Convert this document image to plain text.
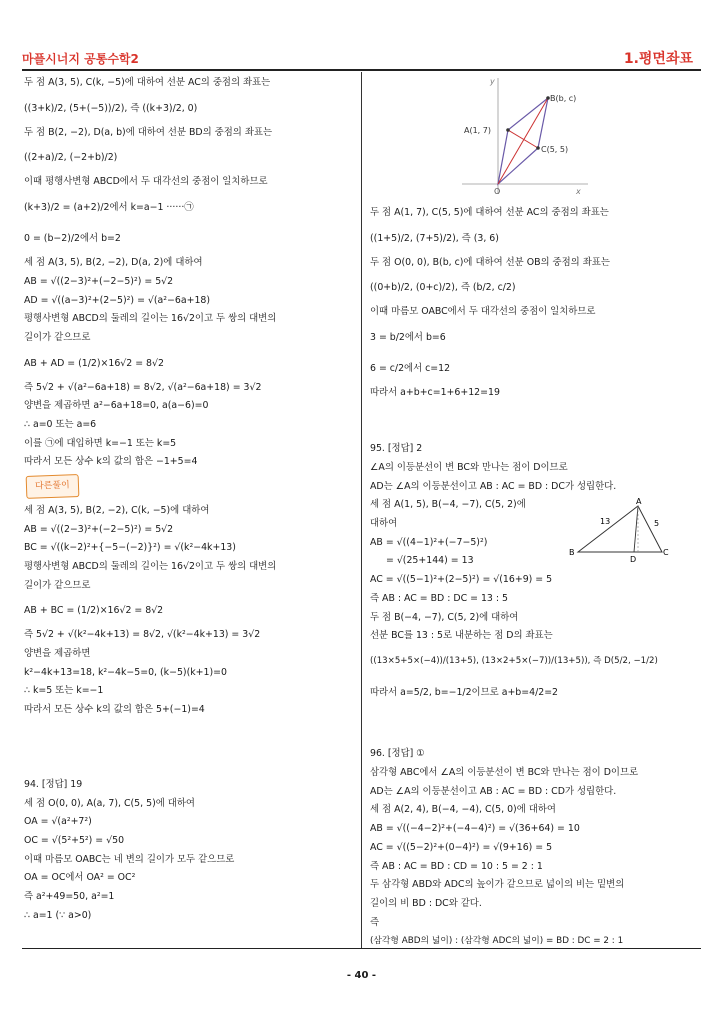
마플시너지 공통수학2	1.평면좌표
두 점 A(3, 5), C(k, −5)에 대하여 선분 AC의 중점의 좌표는
((3+k)/2, (5+(−5))/2), 즉 ((k+3)/2, 0)
두 점 B(2, −2), D(a, b)에 대하여 선분 BD의 중점의 좌표는
((2+a)/2, (−2+b)/2)
이때 평행사변형 ABCD에서 두 대각선의 중점이 일치하므로
(k+3)/2 = (a+2)/2에서 k=a−1 ······㉠
0 = (b−2)/2에서 b=2
세 점 A(3, 5), B(2, −2), D(a, 2)에 대하여
AB = √((2−3)²+(−2−5)²) = 5√2
AD = √((a−3)²+(2−5)²) = √(a²−6a+18)
평행사변형 ABCD의 둘레의 길이는 16√2이고 두 쌍의 대변의
길이가 같으므로
AB + AD = (1/2)×16√2 = 8√2
즉 5√2 + √(a²−6a+18) = 8√2, √(a²−6a+18) = 3√2
양변을 제곱하면 a²−6a+18=0, a(a−6)=0
∴ a=0 또는 a=6
이를 ㉠에 대입하면 k=−1 또는 k=5
따라서 모든 상수 k의 값의 합은 −1+5=4
다른풀이
세 점 A(3, 5), B(2, −2), C(k, −5)에 대하여
AB = √((2−3)²+(−2−5)²) = 5√2
BC = √((k−2)²+{−5−(−2)}²) = √(k²−4k+13)
평행사변형 ABCD의 둘레의 길이는 16√2이고 두 쌍의 대변의
길이가 같으므로
AB + BC = (1/2)×16√2 = 8√2
즉 5√2 + √(k²−4k+13) = 8√2, √(k²−4k+13) = 3√2
양변을 제곱하면
k²−4k+13=18, k²−4k−5=0, (k−5)(k+1)=0
∴ k=5 또는 k=−1
따라서 모든 상수 k의 값의 합은 5+(−1)=4
94. [정답] 19
세 점 O(0, 0), A(a, 7), C(5, 5)에 대하여
OA = √(a²+7²)
OC = √(5²+5²) = √50
이때 마름모 OABC는 네 변의 길이가 모두 같으므로
OA = OC에서 OA² = OC²
즉 a²+49=50, a²=1
∴ a=1 (∵ a>0)
y
x
O
A(1, 7)
B(b, c)
C(5, 5)
두 점 A(1, 7), C(5, 5)에 대하여 선분 AC의 중점의 좌표는
((1+5)/2, (7+5)/2), 즉 (3, 6)
두 점 O(0, 0), B(b, c)에 대하여 선분 OB의 중점의 좌표는
((0+b)/2, (0+c)/2), 즉 (b/2, c/2)
이때 마름모 OABC에서 두 대각선의 중점이 일치하므로
3 = b/2에서 b=6
6 = c/2에서 c=12
따라서 a+b+c=1+6+12=19
95. [정답] 2
∠A의 이등분선이 변 BC와 만나는 점이 D이므로
AD는 ∠A의 이등분선이고 AB : AC = BD : DC가 성립한다.
세 점 A(1, 5), B(−4, −7), C(5, 2)에
대하여
AB = √((4−1)²+(−7−5)²)
= √(25+144) = 13
AC = √((5−1)²+(2−5)²) = √(16+9) = 5
즉 AB : AC = BD : DC = 13 : 5
두 점 B(−4, −7), C(5, 2)에 대하여
선분 BC를 13 : 5로 내분하는 점 D의 좌표는
((13×5+5×(−4))/(13+5), (13×2+5×(−7))/(13+5)), 즉 D(5/2, −1/2)
따라서 a=5/2, b=−1/2이므로 a+b=4/2=2
96. [정답] ①
삼각형 ABC에서 ∠A의 이등분선이 변 BC와 만나는 점이 D이므로
AD는 ∠A의 이등분선이고 AB : AC = BD : CD가 성립한다.
세 점 A(2, 4), B(−4, −4), C(5, 0)에 대하여
AB = √((−4−2)²+(−4−4)²) = √(36+64) = 10
AC = √((5−2)²+(0−4)²) = √(9+16) = 5
즉 AB : AC = BD : CD = 10 : 5 = 2 : 1
두 삼각형 ABD와 ADC의 높이가 같으므로 넓이의 비는 밑변의
길이의 비 BD : DC와 같다.
즉
(삼각형 ABD의 넓이) : (삼각형 ADC의 넓이) = BD : DC = 2 : 1
A
B	C
D
13	5
- 40 -
